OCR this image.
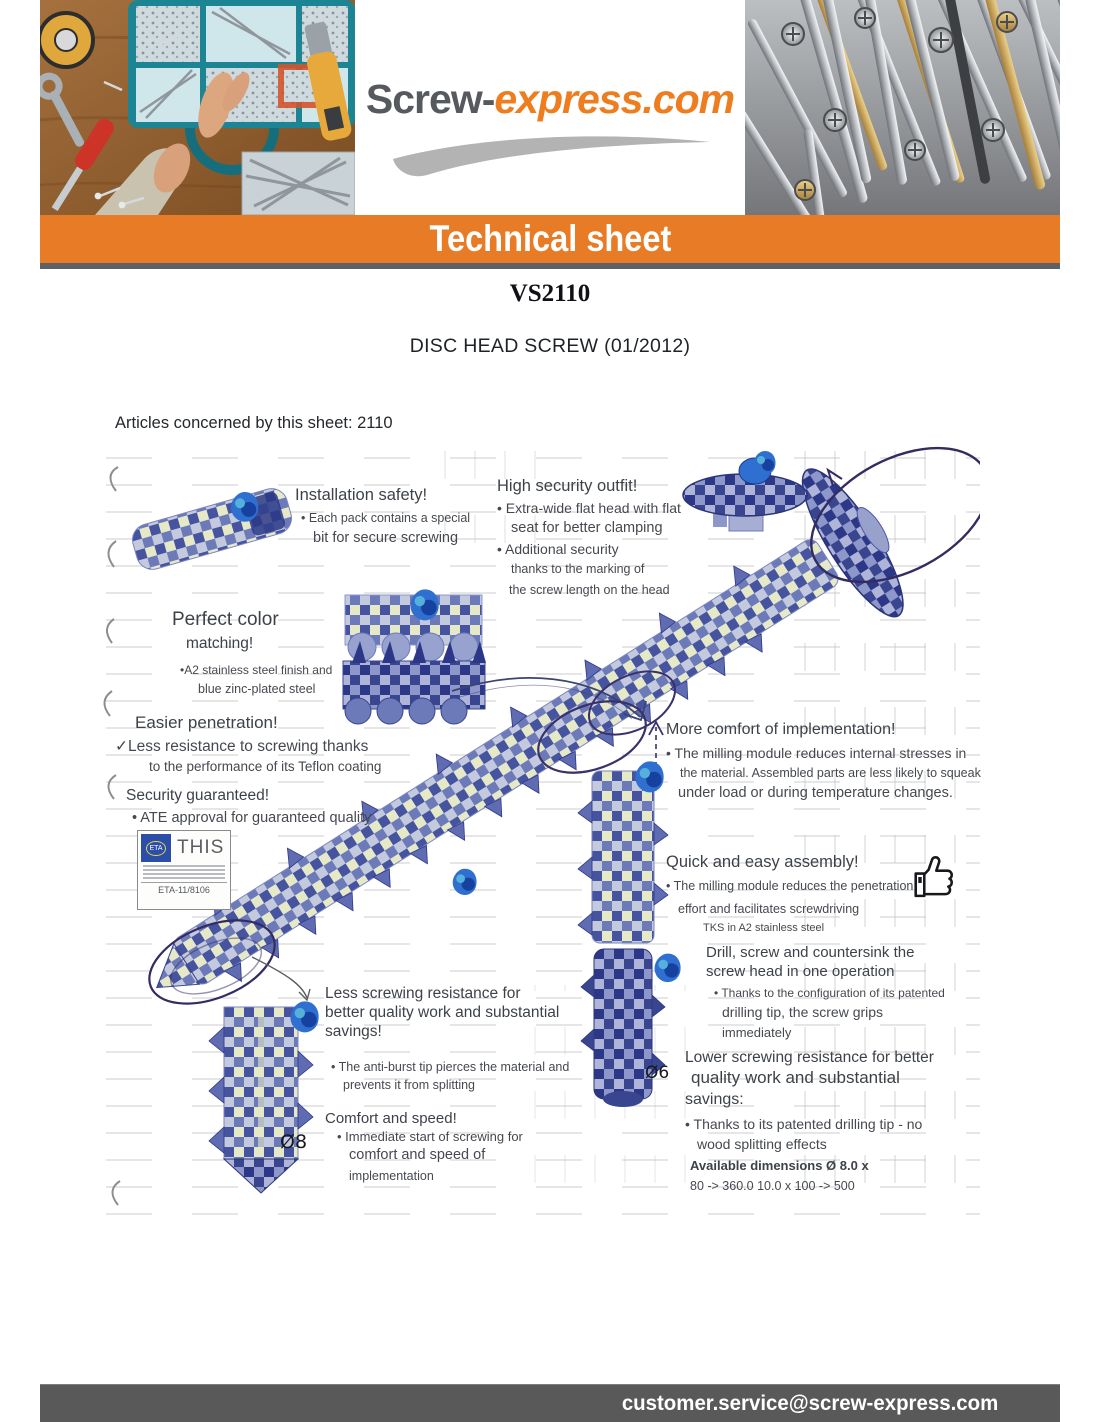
Screw-express.com
Technical sheet
VS2110
DISC HEAD SCREW (01/2012)
Articles concerned by this sheet: 2110
Installation safety!
• Each pack contains a special
bit for secure screwing
High security outfit!
• Extra-wide flat head with flat
seat for better clamping
• Additional security
thanks to the marking of
the screw length on the head
Perfect color
matching!
•A2 stainless steel finish and
blue zinc-plated steel
Easier penetration!
✓Less resistance to screwing thanks
to the performance of its Teflon coating
Security guaranteed!
• ATE approval for guaranteed quality
ETA THIS
ETA-11/8106
More comfort of implementation!
• The milling module reduces internal stresses in
the material. Assembled parts are less likely to squeak
under load or during temperature changes.
Quick and easy assembly!
• The milling module reduces the penetration
effort and facilitates screwdriving
TKS in A2 stainless steel
Drill, screw and countersink the
screw head in one operation
• Thanks to the configuration of its patented
drilling tip, the screw grips
immediately
Lower screwing resistance for better
quality work and substantial
savings:
• Thanks to its patented drilling tip - no
wood splitting effects
Available dimensions Ø 8.0 x
80 -> 360.0 10.0 x 100 -> 500
Less screwing resistance for
better quality work and substantial
savings!
• The anti-burst tip pierces the material and
prevents it from splitting
Comfort and speed!
• Immediate start of screwing for
comfort and speed of
implementation
Ø8
Ø6
customer.service@screw-express.com
